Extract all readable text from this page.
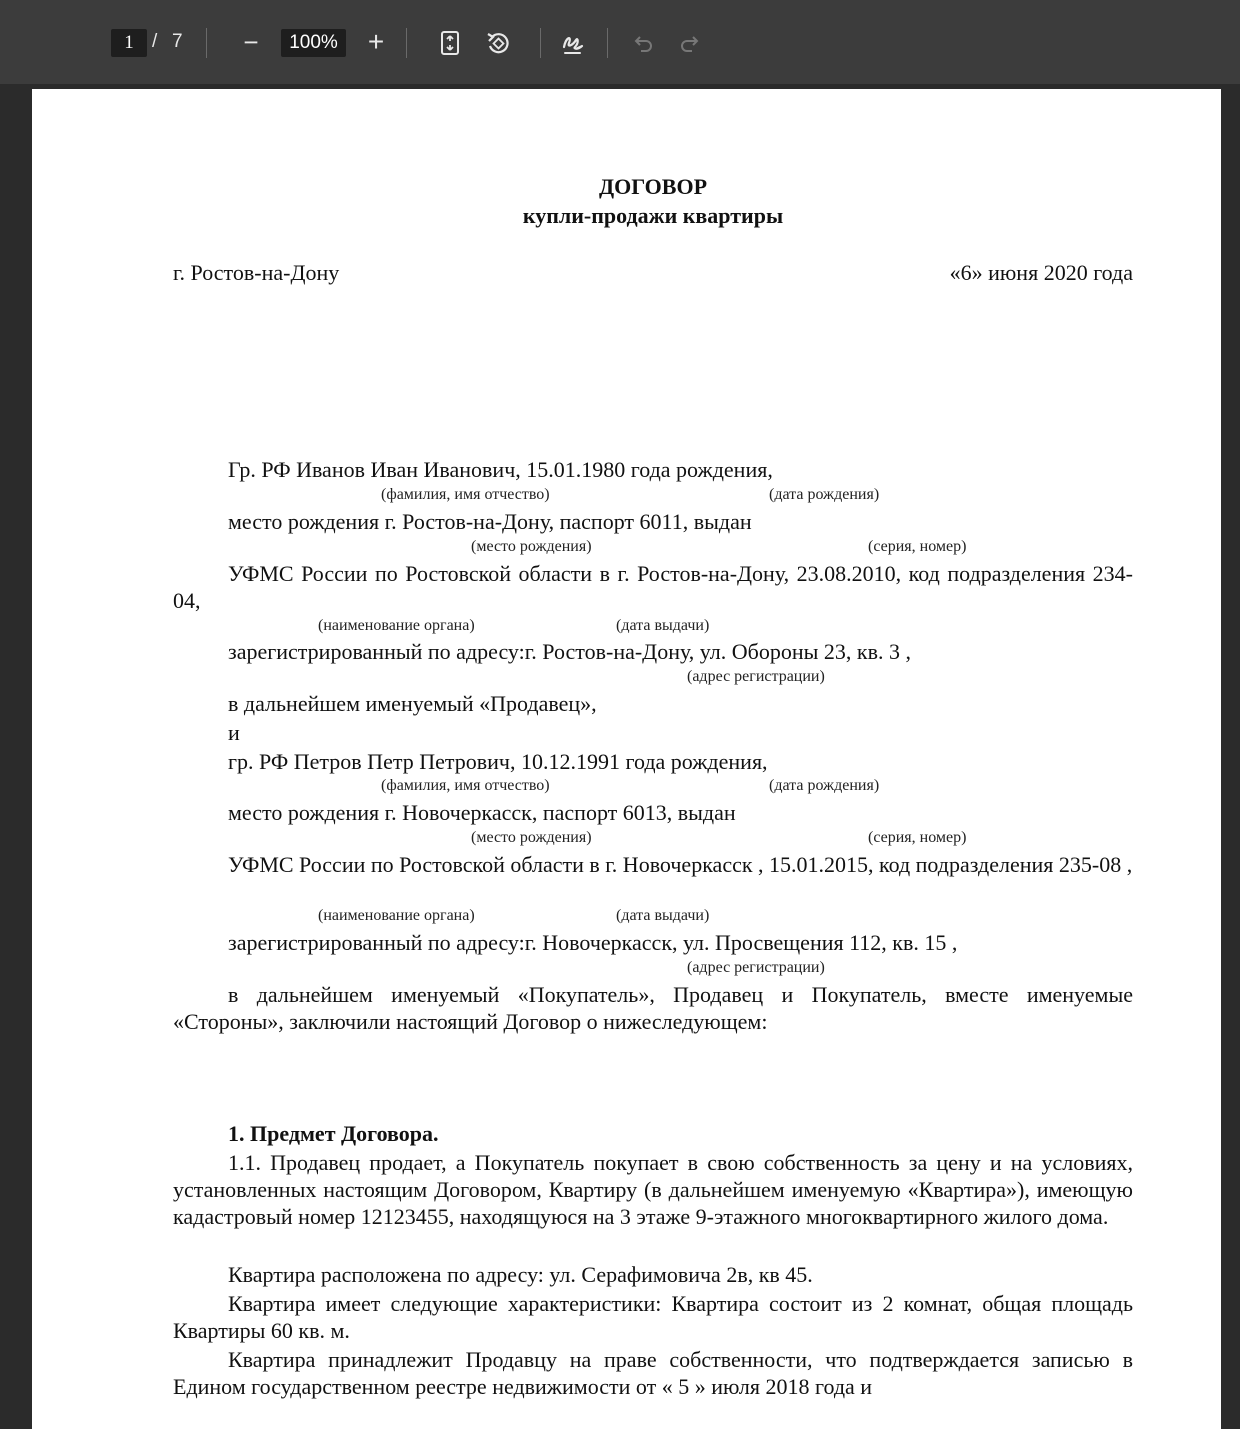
1 / 7 −	100% +
ДОГОВОР
купли-продажи квартиры
г. Ростов-на-Дону	«6» июня 2020 года
Гр. РФ Иванов Иван Иванович, 15.01.1980 года рождения,
(фамилия, имя отчество)	(дата рождения)
место рождения г. Ростов-на-Дону, паспорт 6011, выдан
(место рождения)	(серия, номер)
УФМС России по Ростовской области в г. Ростов-на-Дону, 23.08.2010, код подразделения 234-04,
(наименование органа)	(дата выдачи)
зарегистрированный по адресу:г. Ростов-на-Дону, ул. Обороны 23, кв. 3 ,
(адрес регистрации)
в дальнейшем именуемый «Продавец»,
и
гр. РФ Петров Петр Петрович, 10.12.1991 года рождения,
(фамилия, имя отчество)	(дата рождения)
место рождения г. Новочеркасск, паспорт 6013, выдан
(место рождения)	(серия, номер)
УФМС России по Ростовской области в г. Новочеркасск , 15.01.2015, код подразделения 235-08 ,
(наименование органа)	(дата выдачи)
зарегистрированный по адресу:г. Новочеркасск, ул. Просвещения 112, кв. 15 ,
(адрес регистрации)
в дальнейшем именуемый «Покупатель», Продавец и Покупатель, вместе именуемые «Стороны», заключили настоящий Договор о нижеследующем:
1. Предмет Договора.
1.1. Продавец продает, а Покупатель покупает в свою собственность за цену и на условиях, установленных настоящим Договором, Квартиру (в дальнейшем именуемую «Квартира»), имеющую кадастровый номер 12123455, находящуюся на 3 этаже 9-этажного многоквартирного жилого дома.
Квартира расположена по адресу: ул. Серафимовича 2в, кв 45.
Квартира имеет следующие характеристики: Квартира состоит из 2 комнат, общая площадь Квартиры 60 кв. м.
Квартира принадлежит Продавцу на праве собственности, что подтверждается записью в Едином государственном реестре недвижимости от « 5 » июля 2018 года и
